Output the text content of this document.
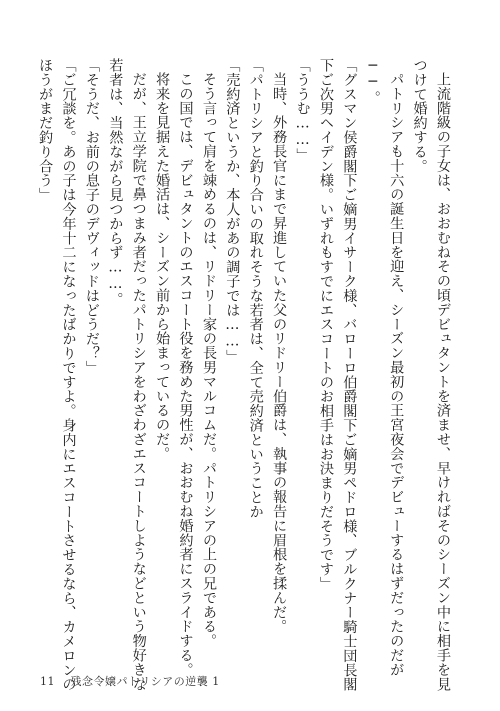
上流階級の子女は、おおむねその頃デビュタントを済ませ、早ければそのシーズン中に相手を見
つけて婚約する。
パトリシアも十六の誕生日を迎え、シーズン最初の王宮夜会でデビューするはずだったのだが
──。
「グスマン侯爵閣下ご嫡男イサーク様、バローロ伯爵閣下ご嫡男ペドロ様、ブルクナー騎士団長閣
下ご次男ヘイデン様。いずれもすでにエスコートのお相手はお決まりだそうです」
「ううむ……」
当時、外務長官にまで昇進していた父のリドリー伯爵は、執事の報告に眉根を揉んだ。
「パトリシアと釣り合いの取れそうな若者は、全て売約済ということか
「売約済というか、本人があの調子では……」
そう言って肩を竦めるのは、リドリー家の長男マルコムだ。パトリシアの上の兄である。
この国では、デビュタントのエスコート役を務めた男性が、おおむね婚約者にスライドする。
将来を見据えた婚活は、シーズン前から始まっているのだ。
だが、王立学院で鼻つまみ者だったパトリシアをわざわざエスコートしようなどという物好きな
若者は、当然ながら見つからず……。
「そうだ、お前の息子のデヴィッドはどうだ？」
「ご冗談を。あの子は今年十二になったばかりですよ。身内にエスコートさせるなら、カメロンの
ほうがまだ釣り合う」
11 残念令嬢パトリシアの逆襲 1
